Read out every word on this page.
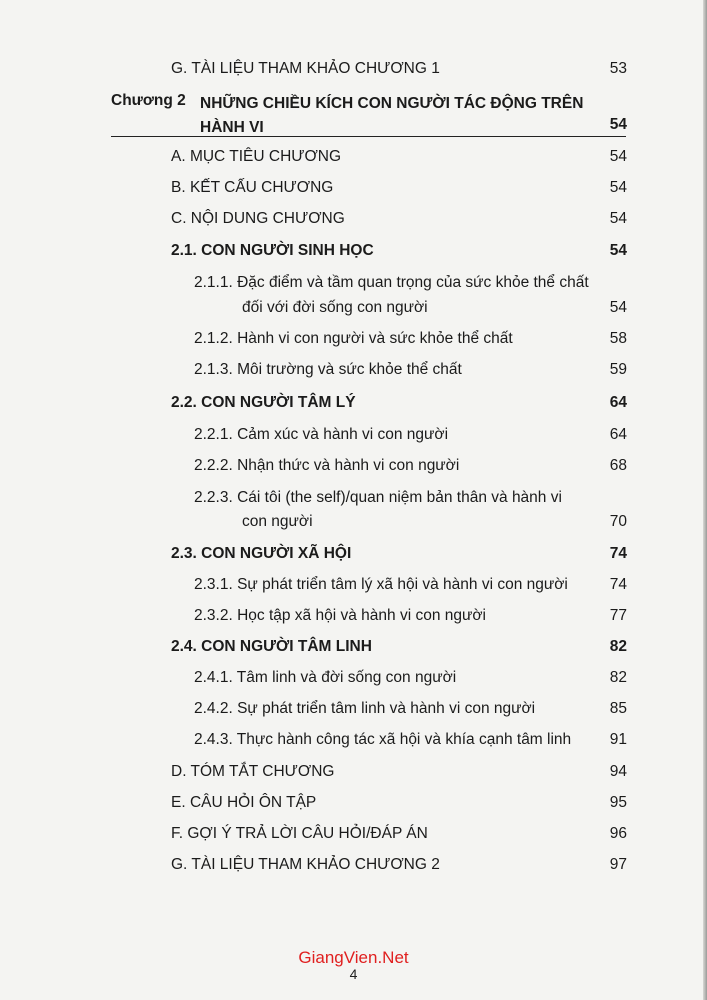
G. TÀI LIỆU THAM KHẢO CHƯƠNG 1	53
Chương 2 NHỮNG CHIỀU KÍCH CON NGƯỜI TÁC ĐỘNG TRÊN
HÀNH VI	54
A. MỤC TIÊU CHƯƠNG	54
B. KẾT CẤU CHƯƠNG	54
C. NỘI DUNG CHƯƠNG	54
2.1. CON NGƯỜI SINH HỌC	54
2.1.1. Đặc điểm và tầm quan trọng của sức khỏe thể chất
đối với đời sống con người	54
2.1.2. Hành vi con người và sức khỏe thể chất	58
2.1.3. Môi trường và sức khỏe thể chất	59
2.2. CON NGƯỜI TÂM LÝ	64
2.2.1. Cảm xúc và hành vi con người	64
2.2.2. Nhận thức và hành vi con người	68
2.2.3. Cái tôi (the self)/quan niệm bản thân và hành vi
con người	70
2.3. CON NGƯỜI XÃ HỘI	74
2.3.1. Sự phát triển tâm lý xã hội và hành vi con người	74
2.3.2. Học tập xã hội và hành vi con người	77
2.4. CON NGƯỜI TÂM LINH	82
2.4.1. Tâm linh và đời sống con người	82
2.4.2. Sự phát triển tâm linh và hành vi con người	85
2.4.3. Thực hành công tác xã hội và khía cạnh tâm linh 91
D. TÓM TẮT CHƯƠNG	94
E. CÂU HỎI ÔN TẬP	95
F. GỢI Ý TRẢ LỜI CÂU HỎI/ĐÁP ÁN	96
G. TÀI LIỆU THAM KHẢO CHƯƠNG 2	97
GiangVien.Net
4
